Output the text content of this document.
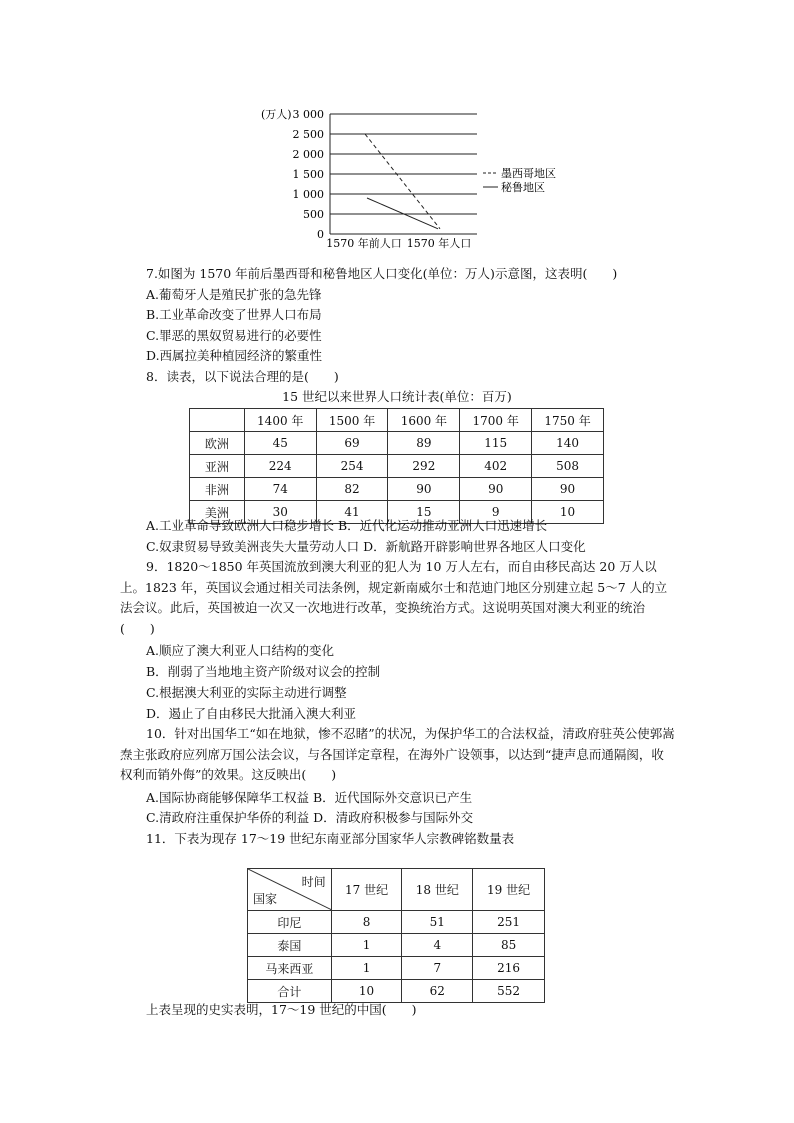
0
500
1 000
1 500
2 000
2 500
3 000
(万人)
1570 年前人口 1570 年人口
墨西哥地区
秘鲁地区
7.如图为 1570 年前后墨西哥和秘鲁地区人口变化(单位：万人)示意图，这表明(　　)
A.葡萄牙人是殖民扩张的急先锋
B.工业革命改变了世界人口布局
C.罪恶的黑奴贸易进行的必要性
D.西属拉美种植园经济的繁重性
8．读表，以下说法合理的是(　　)
15 世纪以来世界人口统计表(单位：百万)
	1400 年	1500 年	1600 年	1700 年	1750 年
欧洲	45	69	89	115	140
亚洲	224	254	292	402	508
非洲	74	82	90	90	90
美洲	30	41	15	9	10
A.工业革命导致欧洲人口稳步增长 B．近代化运动推动亚洲人口迅速增长
C.奴隶贸易导致美洲丧失大量劳动人口 D．新航路开辟影响世界各地区人口变化
9．1820～1850 年英国流放到澳大利亚的犯人为 10 万人左右，而自由移民高达 20 万人以上。1823 年，英国议会通过相关司法条例，规定新南威尔士和范迪门地区分别建立起 5～7 人的立法会议。此后，英国被迫一次又一次地进行改革，变换统治方式。这说明英国对澳大利亚的统治(　　)
A.顺应了澳大利亚人口结构的变化
B．削弱了当地地主资产阶级对议会的控制
C.根据澳大利亚的实际主动进行调整
D．遏止了自由移民大批涌入澳大利亚
10．针对出国华工“如在地狱，惨不忍睹”的状况，为保护华工的合法权益，清政府驻英公使郭嵩焘主张政府应列席万国公法会议，与各国详定章程，在海外广设领事，以达到“捷声息而通隔阂，收权利而销外侮”的效果。这反映出(　　)
A.国际协商能够保障华工权益 B．近代国际外交意识已产生
C.清政府注重保护华侨的利益 D．清政府积极参与国际外交
11．下表为现存 17～19 世纪东南亚部分国家华人宗教碑铭数量表
时间
国家	17 世纪	18 世纪	19 世纪
印尼	8	51	251
泰国	1	4	85
马来西亚	1	7	216
合计	10	62	552
上表呈现的史实表明，17～19 世纪的中国(　　)
